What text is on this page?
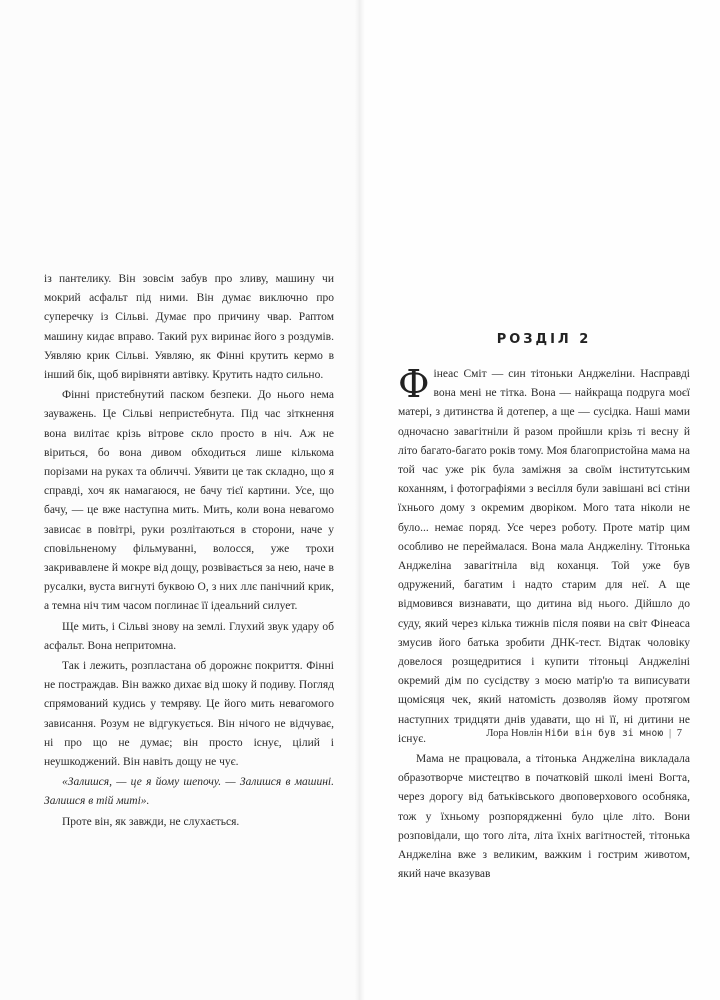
із пантелику. Він зовсім забув про зливу, машину чи мокрий асфальт під ними. Він думає виключно про суперечку із Сільві. Думає про причину чвар. Раптом машину кидає вправо. Такий рух виринає його з роздумів. Уявляю крик Сільві. Уявляю, як Фінні крутить кермо в інший бік, щоб вирівняти автівку. Крутить надто сильно.

Фінні пристебнутий паском безпеки. До нього нема зауважень. Це Сільві непристебнута. Під час зіткнення вона вилітає крізь вітрове скло просто в ніч. Аж не віриться, бо вона дивом обходиться лише кількома порізами на руках та обличчі. Уявити це так складно, що я справді, хоч як намагаюся, не бачу тієї картини. Усе, що бачу, — це вже наступна мить. Мить, коли вона невагомо зависає в повітрі, руки розлітаються в сторони, наче у сповільненому фільмуванні, волосся, уже трохи закривавлене й мокре від дощу, розвівається за нею, наче в русалки, вуста вигнуті буквою О, з них ллє панічний крик, а темна ніч тим часом поглинає її ідеальний силует.

Ще мить, і Сільві знову на землі. Глухий звук удару об асфальт. Вона непритомна.

Так і лежить, розпластана об дорожнє покриття. Фінні не постраждав. Він важко дихає від шоку й подиву. Погляд спрямований кудись у темряву. Це його мить невагомого зависання. Розум не відгукується. Він нічого не відчуває, ні про що не думає; він просто існує, цілий і неушкоджений. Він навіть дощу не чує.

«Залишся, — це я йому шепочу. — Залишся в машині. Залишся в тій миті».

Проте він, як завжди, не слухається.

РОЗДІЛ 2

Фінеас Сміт — син тітоньки Анджеліни. Насправді вона мені не тітка. Вона — найкраща подруга моєї матері, з дитинства й дотепер, а ще — сусідка. Наші мами одночасно завагітніли й разом пройшли крізь ті весну й літо багато-багато років тому. Моя благопристойна мама на той час уже рік була заміжня за своїм інститутським коханням, і фотографіями з весілля були завішані всі стіни їхнього дому з окремим дворіком. Мого тата ніколи не було... немає поряд. Усе через роботу. Проте матір цим особливо не переймалася. Вона мала Анджеліну. Тітонька Анджеліна завагітніла від коханця. Той уже був одружений, багатим і надто старим для неї. А ще відмовився визнавати, що дитина від нього. Дійшло до суду, який через кілька тижнів після появи на світ Фінеаса змусив його батька зробити ДНК-тест. Відтак чоловіку довелося розщедритися і купити тітоньці Анджеліні окремий дім по сусідству з моєю матір'ю та виписувати щомісяця чек, який натомість дозволяв йому протягом наступних тридцяти днів удавати, що ні її, ні дитини не існує.

Мама не працювала, а тітонька Анджеліна викладала образотворче мистецтво в початковій школі імені Вогта, через дорогу від батьківського двоповерхового особняка, тож у їхньому розпорядженні було ціле літо. Вони розповідали, що того літа, літа їхніх вагітностей, тітонька Анджеліна вже з великим, важким і гострим животом, який наче вказував

Лора Новлін Ніби він був зі мною | 7
